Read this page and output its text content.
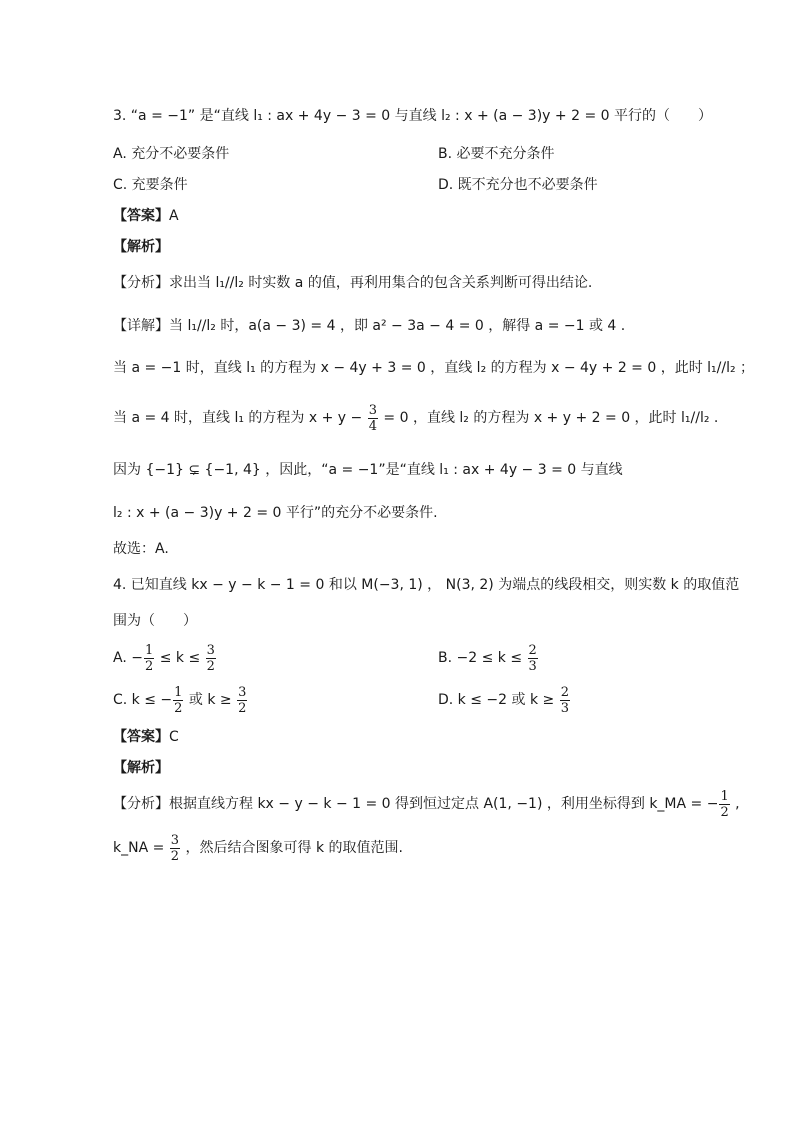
3. “a = −1” 是“直线 l₁ : ax + 4y − 3 = 0 与直线 l₂ : x + (a − 3)y + 2 = 0 平行的（　　）
A. 充分不必要条件	B. 必要不充分条件
C. 充要条件	D. 既不充分也不必要条件
【答案】A
【解析】
【分析】求出当 l₁//l₂ 时实数 a 的值，再利用集合的包含关系判断可得出结论.
【详解】当 l₁//l₂ 时，a(a − 3) = 4 ，即 a² − 3a − 4 = 0 ，解得 a = −1 或 4 .
当 a = −1 时，直线 l₁ 的方程为 x − 4y + 3 = 0 ，直线 l₂ 的方程为 x − 4y + 2 = 0 ，此时 l₁//l₂ ；
当 a = 4 时，直线 l₁ 的方程为 $x + y - \frac{3}{4} = 0$ ，直线 l₂ 的方程为 x + y + 2 = 0 ，此时 l₁//l₂ .
因为 {−1} ⊊ {−1, 4} ，因此，“a = −1”是“直线 l₁ : ax + 4y − 3 = 0 与直线
l₂ : x + (a − 3)y + 2 = 0 平行”的充分不必要条件.
故选：A.
4. 已知直线 kx − y − k − 1 = 0 和以 M(−3, 1) ， N(3, 2) 为端点的线段相交，则实数 k 的取值范
围为（　　）
A. − $\frac{1}{2} \le k \le \frac{3}{2}$	B. $-2 \le k \le \frac{2}{3}$
C. k ≤ − $\frac{1}{2}$ 或 $k \ge \frac{3}{2}$	D. k ≤ −2 或 $k \ge \frac{2}{3}$
【答案】C
【解析】
【分析】根据直线方程 kx − y − k − 1 = 0 得到恒过定点 A(1, −1) ，利用坐标得到 k_MA = − $\frac{1}{2}$ ,
k_NA = $\frac{3}{2}$ ，然后结合图象可得 k 的取值范围.
